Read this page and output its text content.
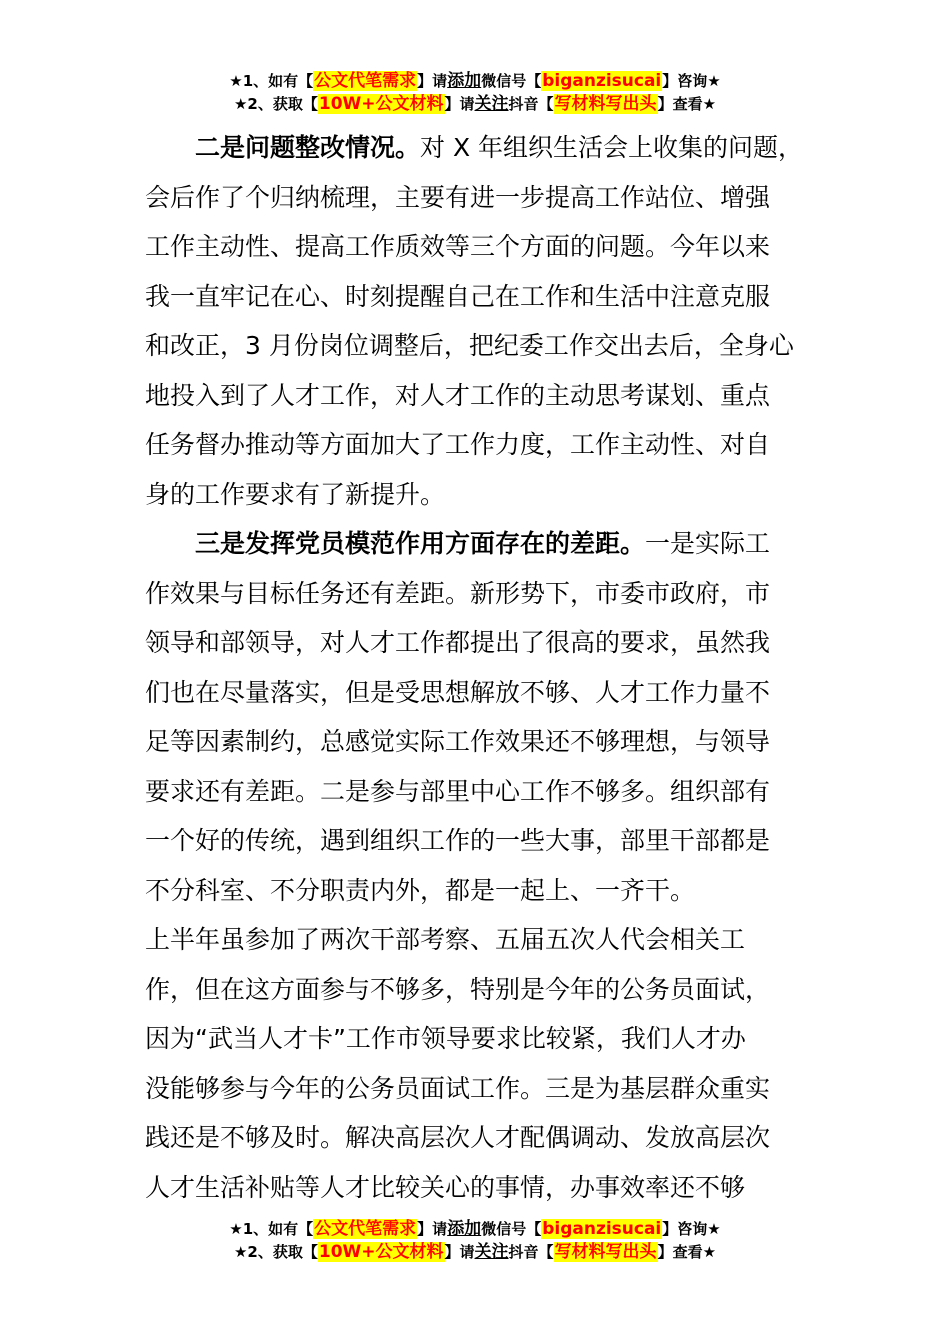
★1、如有【公文代笔需求】请添加微信号【biganzisucai】咨询★
★2、获取【10W+公文材料】请关注抖音【写材料写出头】查看★
二是问题整改情况。对 X 年组织生活会上收集的问题，
会后作了个归纳梳理，主要有进一步提高工作站位、增强
工作主动性、提高工作质效等三个方面的问题。今年以来
我一直牢记在心、时刻提醒自己在工作和生活中注意克服
和改正，3 月份岗位调整后，把纪委工作交出去后，全身心
地投入到了人才工作，对人才工作的主动思考谋划、重点
任务督办推动等方面加大了工作力度，工作主动性、对自
身的工作要求有了新提升。
三是发挥党员模范作用方面存在的差距。一是实际工
作效果与目标任务还有差距。新形势下，市委市政府，市
领导和部领导，对人才工作都提出了很高的要求，虽然我
们也在尽量落实，但是受思想解放不够、人才工作力量不
足等因素制约，总感觉实际工作效果还不够理想，与领导
要求还有差距。二是参与部里中心工作不够多。组织部有
一个好的传统，遇到组织工作的一些大事，部里干部都是
不分科室、不分职责内外，都是一起上、一齐干。
上半年虽参加了两次干部考察、五届五次人代会相关工
作，但在这方面参与不够多，特别是今年的公务员面试，
因为“武当人才卡”工作市领导要求比较紧，我们人才办
没能够参与今年的公务员面试工作。三是为基层群众重实
践还是不够及时。解决高层次人才配偶调动、发放高层次
人才生活补贴等人才比较关心的事情，办事效率还不够
★1、如有【公文代笔需求】请添加微信号【biganzisucai】咨询★
★2、获取【10W+公文材料】请关注抖音【写材料写出头】查看★
